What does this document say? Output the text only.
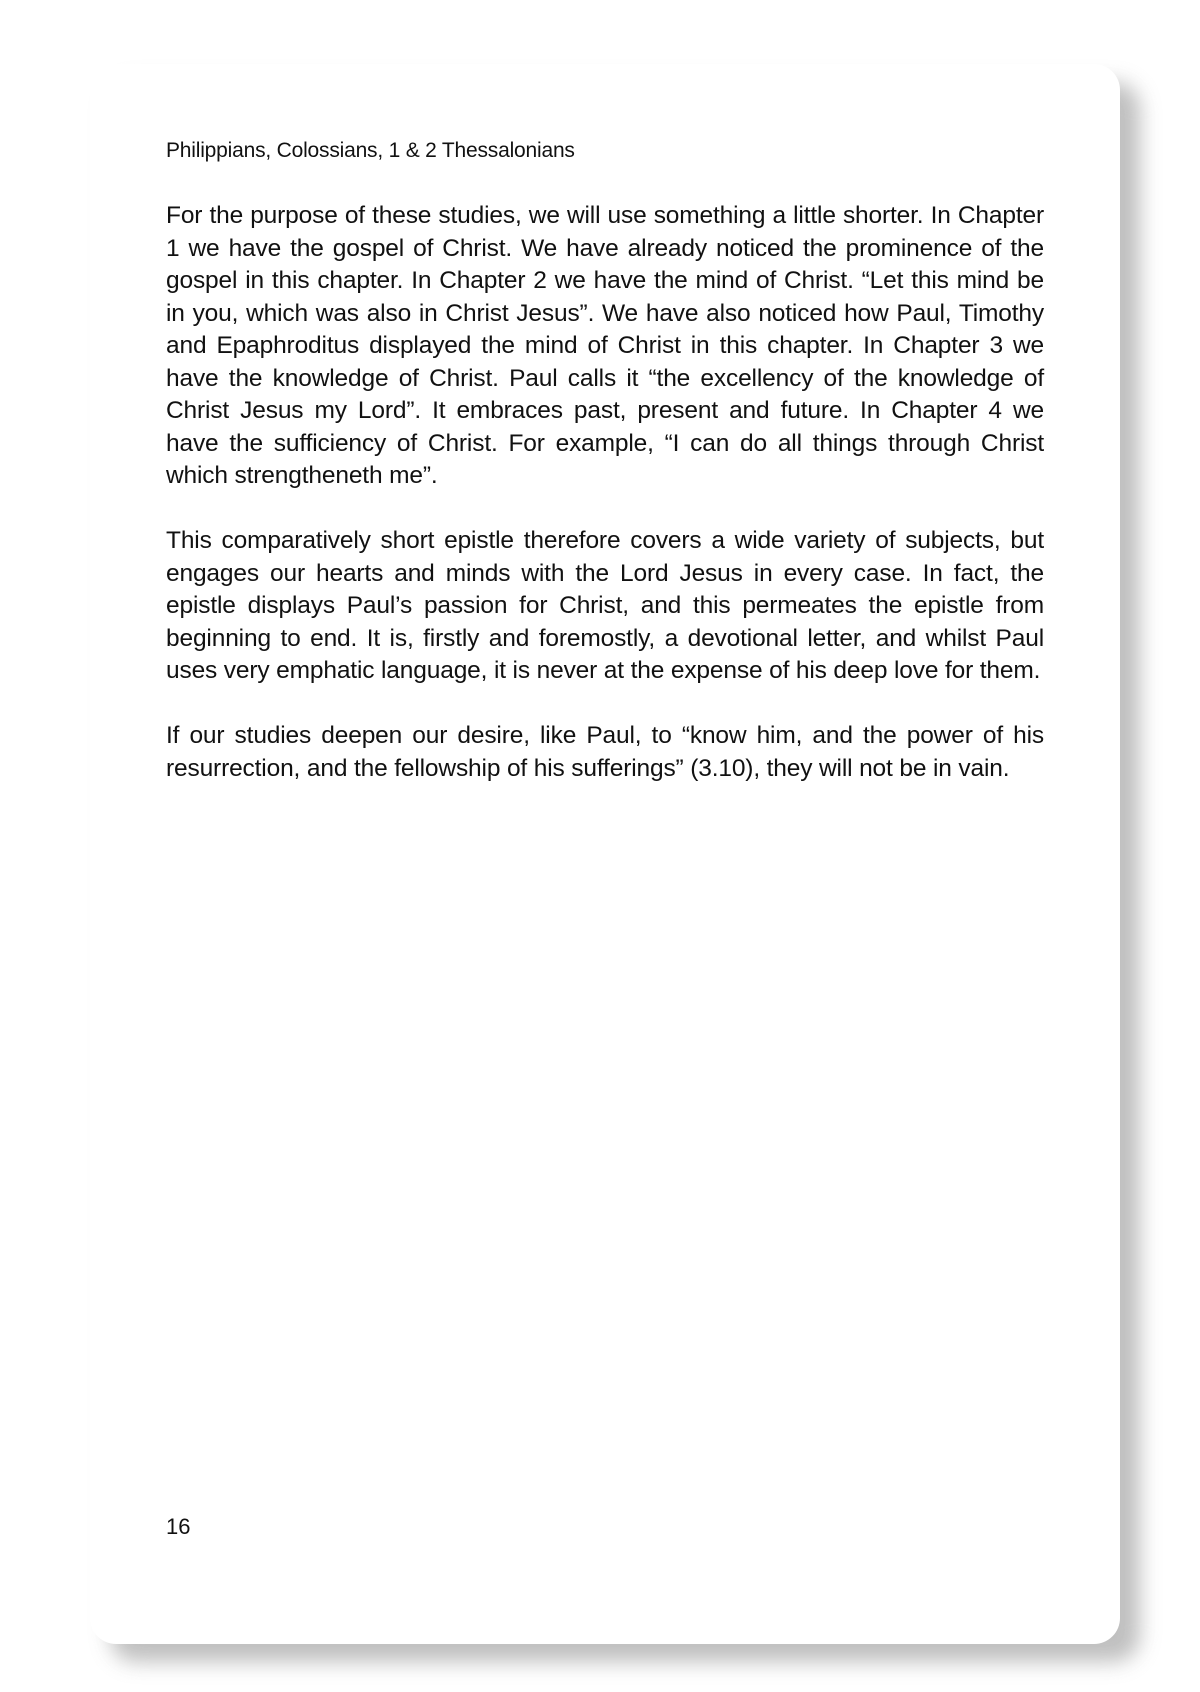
Philippians, Colossians, 1 & 2 Thessalonians

For the purpose of these studies, we will use something a little shorter. In Chapter 1 we have the gospel of Christ. We have already noticed the prominence of the gospel in this chapter. In Chapter 2 we have the mind of Christ. “Let this mind be in you, which was also in Christ Jesus”. We have also noticed how Paul, Timothy and Epaphroditus displayed the mind of Christ in this chapter. In Chapter 3 we have the knowledge of Christ. Paul calls it “the excellency of the knowledge of Christ Jesus my Lord”. It embraces past, present and future. In Chapter 4 we have the sufficiency of Christ. For example, “I can do all things through Christ which strengtheneth me”.

This comparatively short epistle therefore covers a wide variety of subjects, but engages our hearts and minds with the Lord Jesus in every case. In fact, the epistle displays Paul’s passion for Christ, and this permeates the epistle from beginning to end. It is, firstly and foremostly, a devotional letter, and whilst Paul uses very emphatic language, it is never at the expense of his deep love for them.

If our studies deepen our desire, like Paul, to “know him, and the power of his resurrection, and the fellowship of his sufferings” (3.10), they will not be in vain.

16
